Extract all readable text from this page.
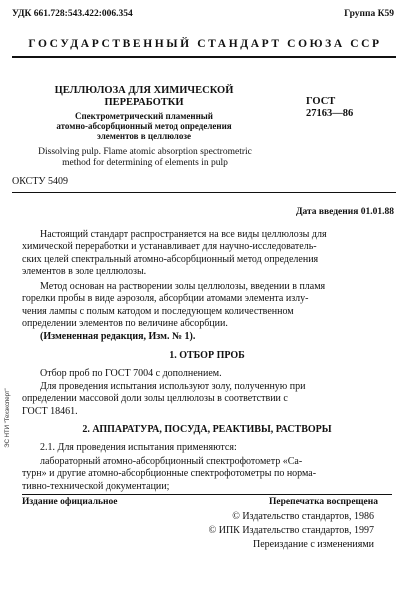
УДК 661.728:543.422:006.354	Группа К59
ГОСУДАРСТВЕННЫЙ СТАНДАРТ СОЮЗА ССР
ЦЕЛЛЮЛОЗА ДЛЯ ХИМИЧЕСКОЙ
ПЕРЕРАБОТКИ
Спектрометрический пламенный
атомно-абсорбционный метод определения
элементов в целлюлозе
ГОСТ
27163—86
Dissolving pulp. Flame atomic absorption spectrometric
method for determining of elements in pulp
ОКСТУ 5409
Дата введения 01.01.88
Настоящий стандарт распространяется на все виды целлюлозы для
химической переработки и устанавливает для научно-исследователь-
ских целей спектральный атомно-абсорбционный метод определения
элементов в золе целлюлозы.
Метод основан на растворении золы целлюлозы, введении в пламя
горелки пробы в виде аэрозоля, абсорбции атомами элемента излу-
чения лампы с полым катодом и последующем количественном
определении элементов по величине абсорбции.
(Измененная редакция, Изм. № 1).
1. ОТБОР ПРОБ
Отбор проб по ГОСТ 7004 с дополнением.
Для проведения испытания используют золу, полученную при
определении массовой доли золы целлюлозы в соответствии с
ГОСТ 18461.
2. АППАРАТУРА, ПОСУДА, РЕАКТИВЫ, РАСТВОРЫ
2.1. Для проведения испытания применяются:
лабораторный атомно-абсорбционный спектрофотометр «Са-
турн» и другие атомно-абсорбционные спектрофотометры по норма-
тивно-технической документации;
Издание официальное	Перепечатка воспрещена
© Издательство стандартов, 1986
© ИПК Издательство стандартов, 1997
Переиздание с изменениями
ЭС НТИ "Техэксперт"
